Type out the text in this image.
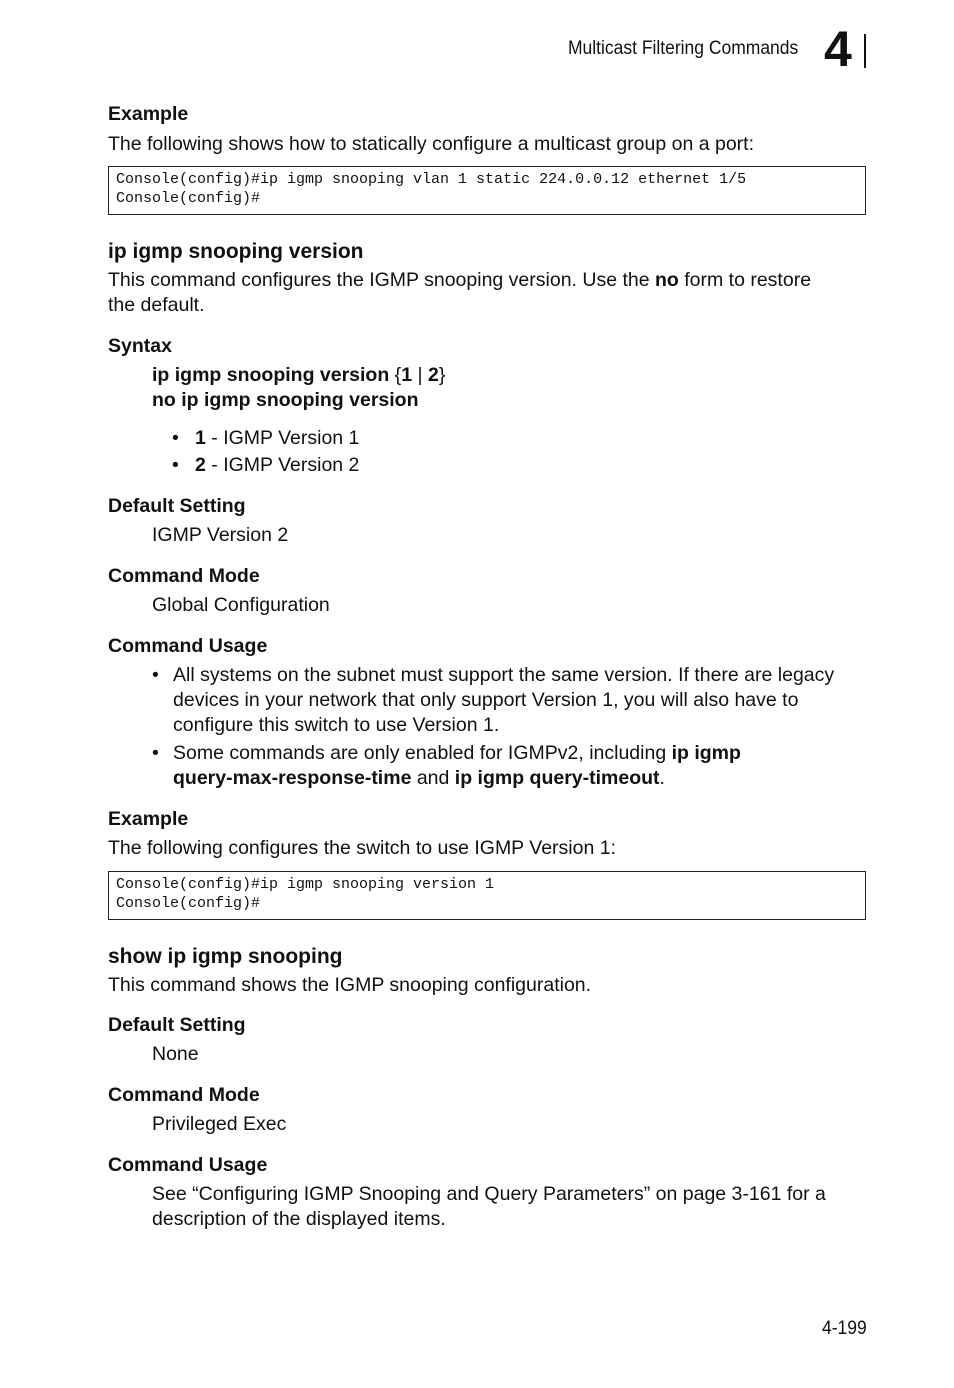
Multicast Filtering Commands 4
Example
The following shows how to statically configure a multicast group on a port:
Console(config)#ip igmp snooping vlan 1 static 224.0.0.12 ethernet 1/5
Console(config)#
ip igmp snooping version
This command configures the IGMP snooping version. Use the no form to restore
the default.
Syntax
ip igmp snooping version {1 | 2}
no ip igmp snooping version
• 1 - IGMP Version 1
• 2 - IGMP Version 2
Default Setting
IGMP Version 2
Command Mode
Global Configuration
Command Usage
• All systems on the subnet must support the same version. If there are legacy
devices in your network that only support Version 1, you will also have to
configure this switch to use Version 1.
• Some commands are only enabled for IGMPv2, including ip igmp
query-max-response-time and ip igmp query-timeout.
Example
The following configures the switch to use IGMP Version 1:
Console(config)#ip igmp snooping version 1
Console(config)#
show ip igmp snooping
This command shows the IGMP snooping configuration.
Default Setting
None
Command Mode
Privileged Exec
Command Usage
See “Configuring IGMP Snooping and Query Parameters” on page 3-161 for a
description of the displayed items.
4-199
